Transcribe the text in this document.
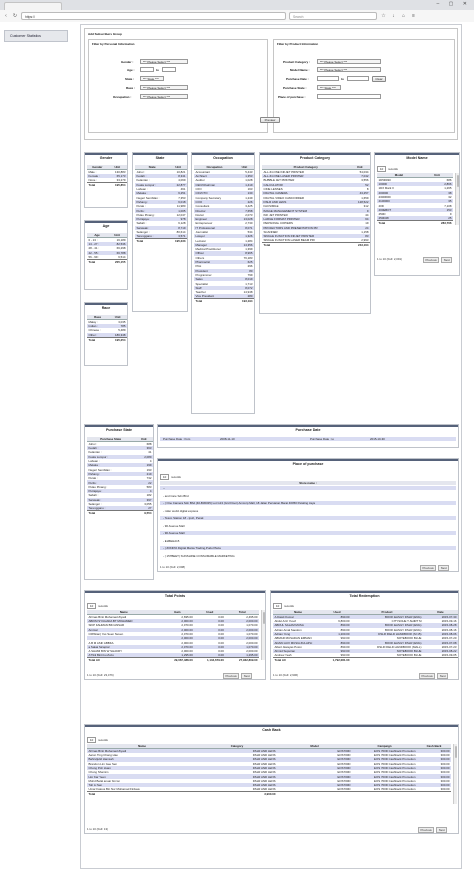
– ▢ ✕
‹	↻	https://	Search	☆	↓	⌂	≡
Customer Statistics	Add Subscribers Group
Filter by Personal Information
Gender :	*** Please Select ***
Age :	to
State :	*** State ***
Race :	*** Please Select ***
Occupation :	*** Please Select ***
Filter by Product Information
Product Category :	*** Please Select ***
Model Name :	*** Please Select ***
Purchase Date :	to	Clear
Purchase State :	*** State ***
Place of purchase :
Preview
Gender
Gender	Unit
Male :	130,883
Female :	65,173
None :	33,279
Total	195,854
Age
Age	Unit
0 - 13 :	16,189
14 - 27 :	82,536
28 - 41 :	66,298
42 - 55 :	66,788
56 - 99 :	6,514
Total	205,155
Race
Race	Unit
Malay :	3,035
Indian :	785
Chinese :	5,489
Other :	186,348
Total	195,254
State
State	Unit
Johor :	10,821
Kedah :	8,341
Kelantan :	4,069
Kuala Lumpur :	22,877
Labuan :	461
Melaka :	6,251
Negeri Sembilan :	7,353
Pahang :	6,018
Perak :	11,980
Perlis :	1,005
Pulau Pinang :	12,047
Putrajaya :	978
Sabah :	6,128
Sarawak :	8,719
Selangor :	80,614
Terengganu :	3,571
Total	195,233
Occupation
Occupation	Unit
Accountant	5,443
Architect	1,353
Auditor	1,028
CEO/Chairman	1,419
CFO	163
CIO/CTO	130
Company Secretary	1,249
COO	226
Consultant	3,425
Director	7,658
Doctor	2,073
Engineer	13,028
Entrepreneur	2,730
IT Professional	8,071
Journalist	534
Lawyer	1,326
Lecturer	1,284
Manager	14,356
Medical Practitioner	1,399
Officer	8,965
Others	76,183
Pharmacist	625
Pilot	296
President	80
Programmer	799
Sales	8,019
Specialist	1,713
Staff	8,072
Teacher	14,948
Vice President	280
Total	193,194
Product Category
Product Category	Unit
ALL-IN-ONE INKJET PRINTER	54,034
ALL-IN-ONE LASER PRINTER	7,042
BUBBLE JET PRINTER	3,556
CALCULATOR	52
CINE LENSES	8
DIGITAL CAMERA	43,257
DIGITAL VIDEO CAMCORDER	1,659
DSLR AND LENS	128,522
FACSIMILE	312
IMAGE MANAGEMENT SYSTEM	9
INK JET PRINTER	44
LARGE FORMAT PRINTER	64
PERSONAL COPIERS	19
PROJECTORS AND PRESENTATION PR	24
SCANNER	1,158
SINGLE FUNCTION INKJET PRINTER	83
SINGLE FUNCTION LASER BEAM PRI	2,993
Total	243,164
Model Name
10	records
Model	Unit
1D5R030	686
1000D	2,866
1DX Mark II	1,265
400000	38
4300R0D	32
4100000	35
40D	7,108
400EBOT	153
450D	9
450D48	25
Total	283,766
1 to 10 (Full: 2,091)	Previous	Next
Purchase State
Purchase State	Unit
Johor :	688
Kedah :	363
Kelantan :	41
Kuala Lumpur :	2,089
Labuan :	4
Melaka :	199
Negeri Sembilan :	193
Pahang :	219
Perak :	732
Perlis :	22
Pulau Pinang :	583
Putrajaya :	4
Sabah :	182
Sarawak :	397
Selangor :	3,055
Terengganu :	27
Total	9,554
Purchase Date
Purchase Date : from	2008-11-10	Purchase Date : to	2015-10-30
Place of purchase
10	records
Store name :
--
- and Care Sdn Bhd
- ( One Camera Sdn Bhd (40-B30325) Lot G13 (Grd Floor) Amcorp Mall, 18 Jalan Persiaran Barat 46050 Petaling Jaya
- roller world digital express
- Tesco Station 18 - Ipoh, Perak
- 90 Avenue Mall
- 90 Avenue Mall
- ELBEHA15
- ( #OND% Digital Mania Trading,Pudu Plaza
- ( 157BEET) SUNSHINE CONSUMABLE MARKETING
1 to 10 (Full: 2,008)	Previous	Next
Total Points
10	records
Name	Gain	Used	Total
Afrinas Binti Mohamad Ziyadi	2,695.00	0.00	2,495.00
ABKIM SYUHADA BT MOHAMED	2,000.00	0.00	2,000.00
SKIP FAHMAN BIN ANSAR	2,070.00	0.00	1,070.00
Ammar	2,000.00	0.00	2,000.00
CRIStian) Yes Seen Neven	2,070.00	0.00	1,070.00
	2,000.00	0.00	2,000.00
A B M ASIF ABBKA	2,000.00	0.00	2,000.00
a Sakai Sicapral	2,070.00	0.00	1,070.00
A SHAMI BIN W SHAKRY	2,000.00	0.00	2,000.00
A'Tikti Binti ku Zuzu	1,295.00	0.00	1,295.00
Total All	29,067,488.00	1,134,679.00	27,932,809.00
1 to 10 (Full: 23,476)	Previous	Next
Total Redemption
10	records
Name	Used	Product	Date
A.Dawit Kumar	890.00	BOOK EASILY DSLR (ENG)	2015-07-30
Abdul Aziz Yusof	6,800.00	CITYSOHE T-SHIRT M	2015-09-16
ABDUL SALAM MUSA	890.00	BOOK EASILY DSLR (ENG)	2015-08-28
Adrian Amal Saodom	890.00	BOOK EASILY DSLR (ENG)	2015-08-16
Adrian Yong	1,200.00	DSLR FIELD HANDBOOK (M 15)	2015-08-06
ABMAR MUSADAN EMMAN	993.00	NOTEBOOK BLUE	2015-07-20
ADAIN AUX MUSIA ZULAPLI	890.00	BOOK EASILY DSLR (ENG)	2015-07-08
Albert Alwayas Poton	890.00	DSLR FIELD HANDBOOK (MALL)	2015-07-23
Ahmid Supurian	993.00	NOTEBOOK BLUE	2015-08-22
Andrew Yeah	993.00	NOTEBOOK BLUE	2015-09-05
Total All	1,792,081.00		
1 to 10 (Full: 2,906)	Previous	Next
Cash Back
10	records
Name	Category	Model	Campaign	Cash Back
Afrinas Binti Mohamad Ziyadi	DSLR AND LENS	EOS700D	EOS 700D Cashback Promotion	300.00
Aaron Ting Chang Hao	DSLR AND LENS	EOS700D	EOS 700D Cashback Promotion	300.00
Bahruljulid Hamsah	DSLR AND LENS	EOS700D	EOS 700D Cashback Promotion	300.00
Brandon Lim Gee Sen	DSLR AND LENS	EOS700D	EOS 700D Cashback Promotion	300.00
Chong Poh Huan	DSLR AND LENS	EOS700D	EOS 700D Cashback Promotion	300.00
Chung Shamim	DSLR AND LENS	EOS700D	EOS 700D Cashback Promotion	300.00
Hor Kar Yeen	DSLR AND LENS	EOS700D	EOS 700D Cashback Promotion	300.00
Mohd Belal anuar bin lai	DSLR AND LENS	EOS700D	EOS 700D Cashback Promotion	300.00
Toh Li Sen	DSLR AND LENS	EOS700D	EOS 700D Cashback Promotion	300.00
Umar Fatous Bin Nor Mohamad Firdaus	DSLR AND LENS	EOS700D	EOS 700D Cashback Promotion	300.00
Total	3,900.00			
1 to 10 (Full: 13)	Previous	Next
